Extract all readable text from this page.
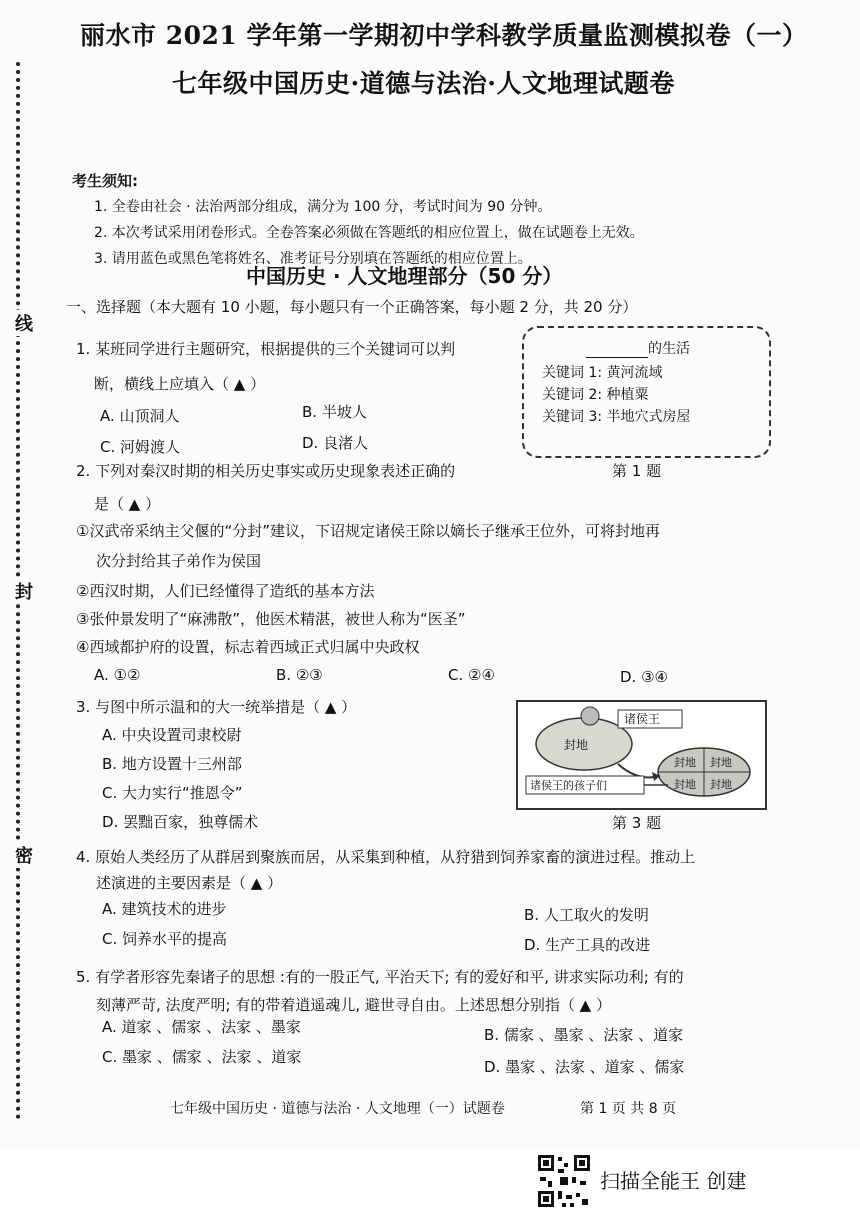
线
封
密
丽水市 2021 学年第一学期初中学科教学质量监测模拟卷（一）
七年级中国历史·道德与法治·人文地理试题卷
考生须知:
1. 全卷由社会 · 法治两部分组成，满分为 100 分，考试时间为 90 分钟。
2. 本次考试采用闭卷形式。全卷答案必须做在答题纸的相应位置上，做在试题卷上无效。
3. 请用蓝色或黑色笔将姓名、准考证号分别填在答题纸的相应位置上。
中国历史 · 人文地理部分（50 分）
一、选择题（本大题有 10 小题，每小题只有一个正确答案，每小题 2 分，共 20 分）
1. 某班同学进行主题研究，根据提供的三个关键词可以判
断，横线上应填入（ ▲ ）
A. 山顶洞人	B. 半坡人
C. 河姆渡人	D. 良渚人
的生活
关键词 1: 黄河流域
关键词 2: 种植粟
关键词 3: 半地穴式房屋
第 1 题
2. 下列对秦汉时期的相关历史事实或历史现象表述正确的
是（ ▲ ）
①汉武帝采纳主父偃的“分封”建议，下诏规定诸侯王除以嫡长子继承王位外，可将封地再
次分封给其子弟作为侯国
②西汉时期，人们已经懂得了造纸的基本方法
③张仲景发明了“麻沸散”，他医术精湛，被世人称为“医圣”
④西域都护府的设置，标志着西域正式归属中央政权
A. ①②	B. ②③	C. ②④	D. ③④
3. 与图中所示温和的大一统举措是（ ▲ ）
A. 中央设置司隶校尉
B. 地方设置十三州部
C. 大力实行“推恩令”
D. 罢黜百家，独尊儒术
诸侯王
封地
封地 封地
封地 封地
诸侯王的孩子们
第 3 题
4. 原始人类经历了从群居到聚族而居，从采集到种植，从狩猎到饲养家畜的演进过程。推动上
述演进的主要因素是（ ▲ ）
A. 建筑技术的进步	B. 人工取火的发明
C. 饲养水平的提高	D. 生产工具的改进
5. 有学者形容先秦诸子的思想 :有的一股正气, 平治天下; 有的爱好和平, 讲求实际功利; 有的
刻薄严苛, 法度严明; 有的带着逍遥魂儿, 避世寻自由。上述思想分别指（ ▲ ）
A. 道家 、儒家 、法家 、墨家	B. 儒家 、墨家 、法家 、道家
C. 墨家 、儒家 、法家 、道家
D. 墨家 、法家 、道家 、儒家
七年级中国历史 · 道德与法治 · 人文地理（一）试题卷	第 1 页 共 8 页
扫描全能王 创建
